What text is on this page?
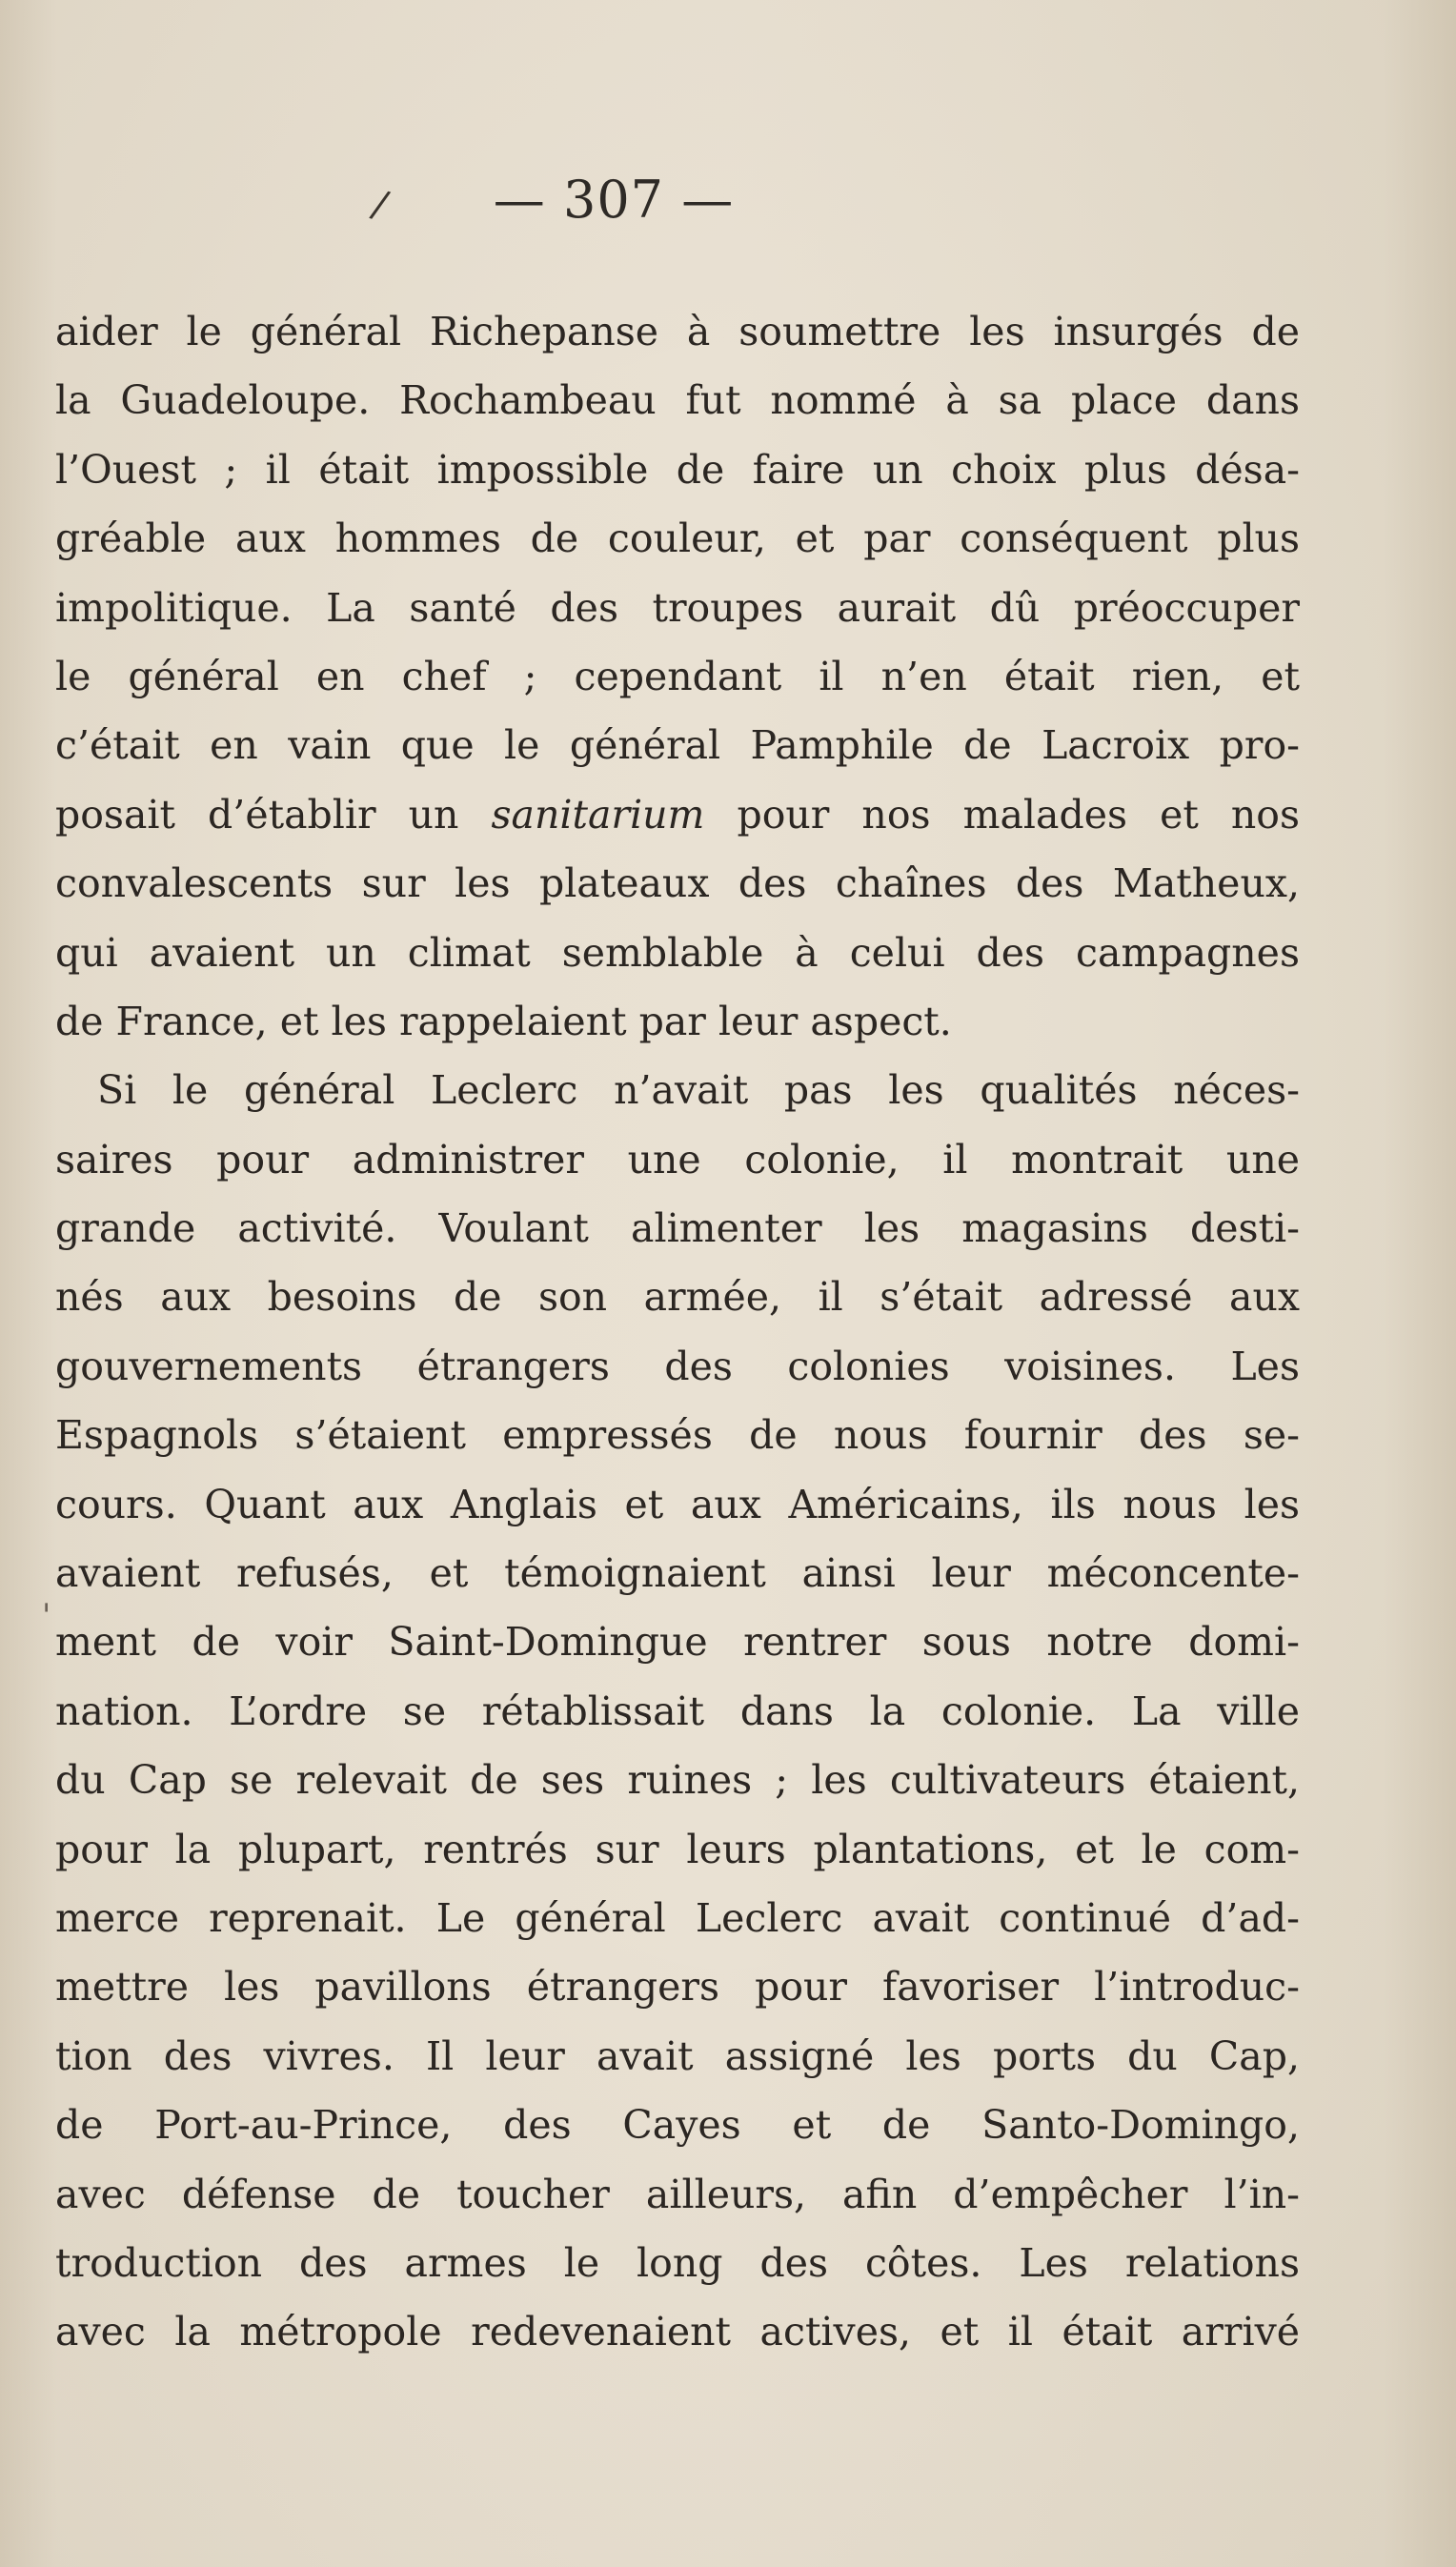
/	— 307 —
'
aider le général Richepanse à soumettre les insurgés de
la Guadeloupe. Rochambeau fut nommé à sa place dans
l’Ouest ; il était impossible de faire un choix plus désa-
gréable aux hommes de couleur, et par conséquent plus
impolitique. La santé des troupes aurait dû préoccuper
le général en chef ; cependant il n’en était rien, et
c’était en vain que le général Pamphile de Lacroix pro-
posait d’établir un sanitarium pour nos malades et nos
convalescents sur les plateaux des chaînes des Matheux,
qui avaient un climat semblable à celui des campagnes
de France, et les rappelaient par leur aspect.
Si le général Leclerc n’avait pas les qualités néces-
saires pour administrer une colonie, il montrait une
grande activité. Voulant alimenter les magasins desti-
nés aux besoins de son armée, il s’était adressé aux
gouvernements étrangers des colonies voisines. Les
Espagnols s’étaient empressés de nous fournir des se-
cours. Quant aux Anglais et aux Américains, ils nous les
avaient refusés, et témoignaient ainsi leur méconcente-
ment de voir Saint-Domingue rentrer sous notre domi-
nation. L’ordre se rétablissait dans la colonie. La ville
du Cap se relevait de ses ruines ; les cultivateurs étaient,
pour la plupart, rentrés sur leurs plantations, et le com-
merce reprenait. Le général Leclerc avait continué d’ad-
mettre les pavillons étrangers pour favoriser l’introduc-
tion des vivres. Il leur avait assigné les ports du Cap,
de Port-au-Prince, des Cayes et de Santo-Domingo,
avec défense de toucher ailleurs, afin d’empêcher l’in-
troduction des armes le long des côtes. Les relations
avec la métropole redevenaient actives, et il était arrivé
